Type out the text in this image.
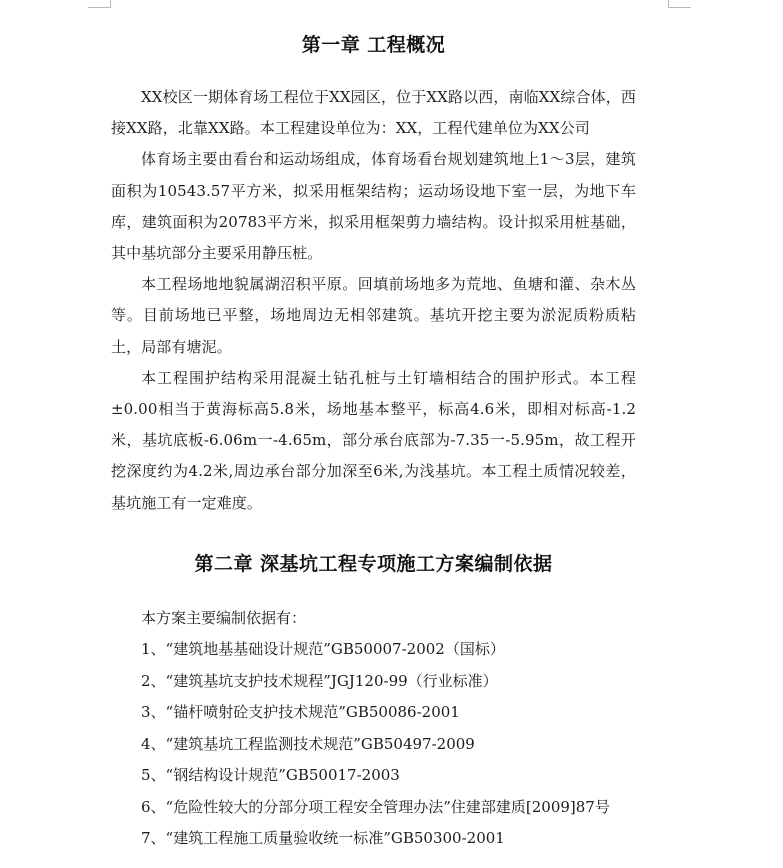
第一章 工程概况

XX校区一期体育场工程位于XX园区，位于XX路以西，南临XX综合体，西接XX路，北靠XX路。本工程建设单位为：XX，工程代建单位为XX公司

体育场主要由看台和运动场组成，体育场看台规划建筑地上1～3层，建筑面积为10543.57平方米，拟采用框架结构；运动场设地下室一层，为地下车库，建筑面积为20783平方米，拟采用框架剪力墙结构。设计拟采用桩基础，其中基坑部分主要采用静压桩。

本工程场地地貌属湖沼积平原。回填前场地多为荒地、鱼塘和灌、杂木丛等。目前场地已平整，场地周边无相邻建筑。基坑开挖主要为淤泥质粉质粘土，局部有塘泥。

本工程围护结构采用混凝土钻孔桩与土钉墙相结合的围护形式。本工程±0.00相当于黄海标高5.8米，场地基本整平，标高4.6米，即相对标高-1.2米，基坑底板-6.06m一-4.65m，部分承台底部为-7.35一-5.95m，故工程开挖深度约为4.2米,周边承台部分加深至6米,为浅基坑。本工程土质情况较差，基坑施工有一定难度。

第二章 深基坑工程专项施工方案编制依据
本方案主要编制依据有：
1、“建筑地基基础设计规范”GB50007-2002（国标）
2、“建筑基坑支护技术规程”JGJ120-99（行业标准）
3、“锚杆喷射砼支护技术规范”GB50086-2001
4、“建筑基坑工程监测技术规范”GB50497-2009
5、“钢结构设计规范”GB50017-2003
6、“危险性较大的分部分项工程安全管理办法”住建部建质[2009]87号
7、“建筑工程施工质量验收统一标准”GB50300-2001
